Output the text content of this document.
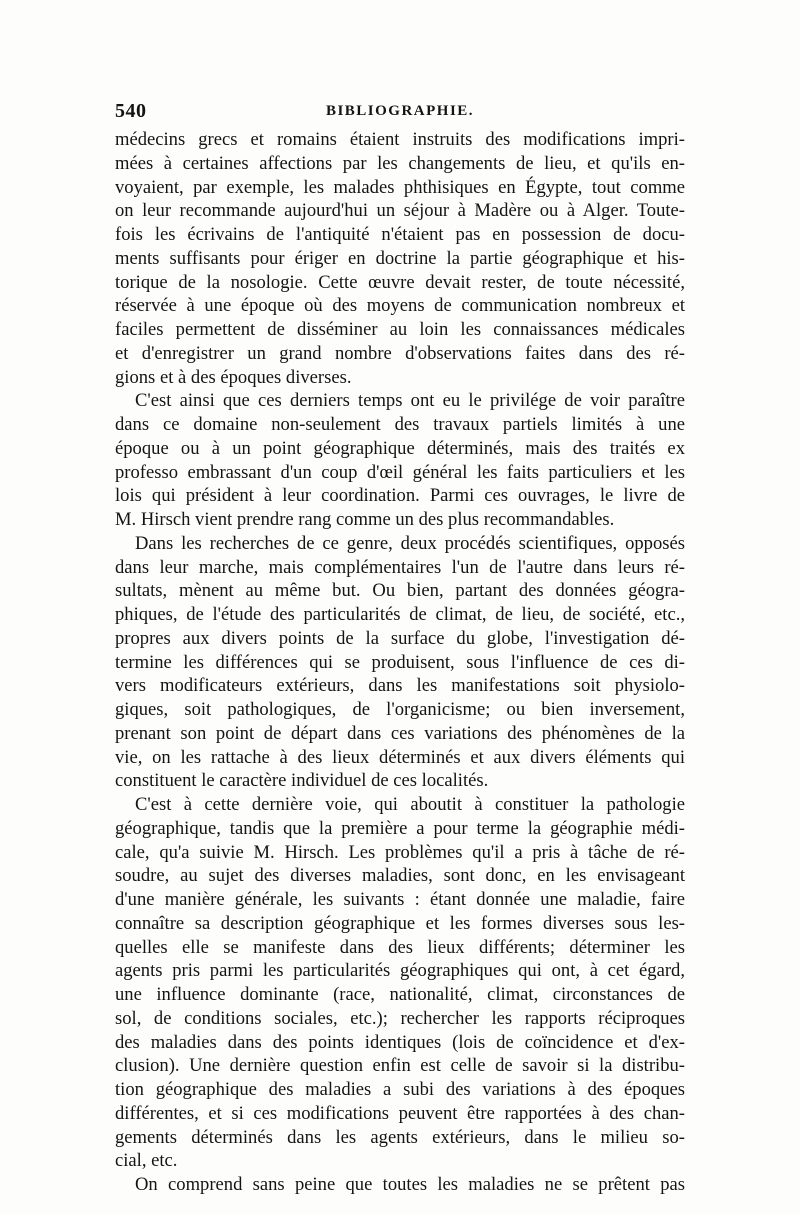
540	BIBLIOGRAPHIE.
médecins grecs et romains étaient instruits des modifications impri-
mées à certaines affections par les changements de lieu, et qu'ils en-
voyaient, par exemple, les malades phthisiques en Égypte, tout comme
on leur recommande aujourd'hui un séjour à Madère ou à Alger. Toute-
fois les écrivains de l'antiquité n'étaient pas en possession de docu-
ments suffisants pour ériger en doctrine la partie géographique et his-
torique de la nosologie. Cette œuvre devait rester, de toute nécessité,
réservée à une époque où des moyens de communication nombreux et
faciles permettent de disséminer au loin les connaissances médicales
et d'enregistrer un grand nombre d'observations faites dans des ré-
gions et à des époques diverses.
C'est ainsi que ces derniers temps ont eu le privilége de voir paraître
dans ce domaine non-seulement des travaux partiels limités à une
époque ou à un point géographique déterminés, mais des traités ex
professo embrassant d'un coup d'œil général les faits particuliers et les
lois qui président à leur coordination. Parmi ces ouvrages, le livre de
M. Hirsch vient prendre rang comme un des plus recommandables.
Dans les recherches de ce genre, deux procédés scientifiques, opposés
dans leur marche, mais complémentaires l'un de l'autre dans leurs ré-
sultats, mènent au même but. Ou bien, partant des données géogra-
phiques, de l'étude des particularités de climat, de lieu, de société, etc.,
propres aux divers points de la surface du globe, l'investigation dé-
termine les différences qui se produisent, sous l'influence de ces di-
vers modificateurs extérieurs, dans les manifestations soit physiolo-
giques, soit pathologiques, de l'organicisme; ou bien inversement,
prenant son point de départ dans ces variations des phénomènes de la
vie, on les rattache à des lieux déterminés et aux divers éléments qui
constituent le caractère individuel de ces localités.
C'est à cette dernière voie, qui aboutit à constituer la pathologie
géographique, tandis que la première a pour terme la géographie médi-
cale, qu'a suivie M. Hirsch. Les problèmes qu'il a pris à tâche de ré-
soudre, au sujet des diverses maladies, sont donc, en les envisageant
d'une manière générale, les suivants : étant donnée une maladie, faire
connaître sa description géographique et les formes diverses sous les-
quelles elle se manifeste dans des lieux différents; déterminer les
agents pris parmi les particularités géographiques qui ont, à cet égard,
une influence dominante (race, nationalité, climat, circonstances de
sol, de conditions sociales, etc.); rechercher les rapports réciproques
des maladies dans des points identiques (lois de coïncidence et d'ex-
clusion). Une dernière question enfin est celle de savoir si la distribu-
tion géographique des maladies a subi des variations à des époques
différentes, et si ces modifications peuvent être rapportées à des chan-
gements déterminés dans les agents extérieurs, dans le milieu so-
cial, etc.
On comprend sans peine que toutes les maladies ne se prêtent pas
